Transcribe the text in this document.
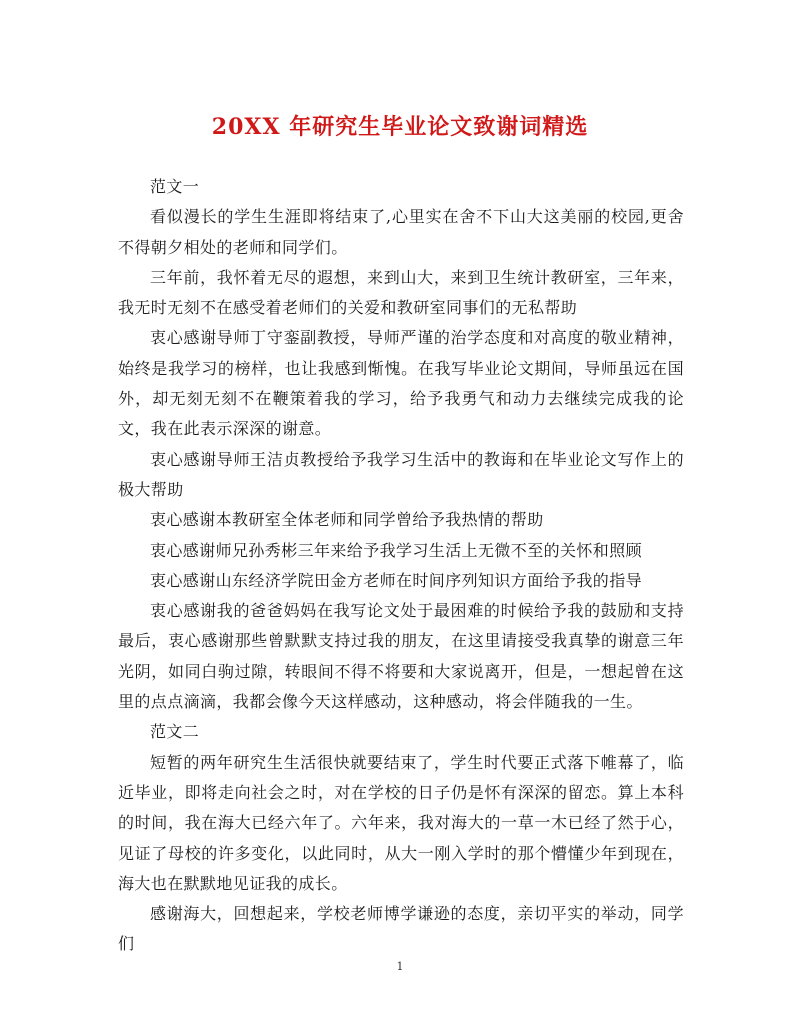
20XX 年研究生毕业论文致谢词精选

范文一

看似漫长的学生生涯即将结束了,心里实在舍不下山大这美丽的校园,更舍不得朝夕相处的老师和同学们。

三年前，我怀着无尽的遐想，来到山大，来到卫生统计教研室，三年来，我无时无刻不在感受着老师们的关爱和教研室同事们的无私帮助

衷心感谢导师丁守銮副教授，导师严谨的治学态度和对高度的敬业精神，始终是我学习的榜样，也让我感到惭愧。在我写毕业论文期间，导师虽远在国外，却无刻无刻不在鞭策着我的学习，给予我勇气和动力去继续完成我的论文，我在此表示深深的谢意。

衷心感谢导师王洁贞教授给予我学习生活中的教诲和在毕业论文写作上的极大帮助

衷心感谢本教研室全体老师和同学曾给予我热情的帮助

衷心感谢师兄孙秀彬三年来给予我学习生活上无微不至的关怀和照顾

衷心感谢山东经济学院田金方老师在时间序列知识方面给予我的指导

衷心感谢我的爸爸妈妈在我写论文处于最困难的时候给予我的鼓励和支持最后，衷心感谢那些曾默默支持过我的朋友，在这里请接受我真挚的谢意三年光阴，如同白驹过隙，转眼间不得不将要和大家说离开，但是，一想起曾在这里的点点滴滴，我都会像今天这样感动，这种感动，将会伴随我的一生。

范文二

短暂的两年研究生生活很快就要结束了，学生时代要正式落下帷幕了，临近毕业，即将走向社会之时，对在学校的日子仍是怀有深深的留恋。算上本科的时间，我在海大已经六年了。六年来，我对海大的一草一木已经了然于心，见证了母校的许多变化，以此同时，从大一刚入学时的那个懵懂少年到现在，海大也在默默地见证我的成长。

感谢海大，回想起来，学校老师博学谦逊的态度，亲切平实的举动，同学们

1
